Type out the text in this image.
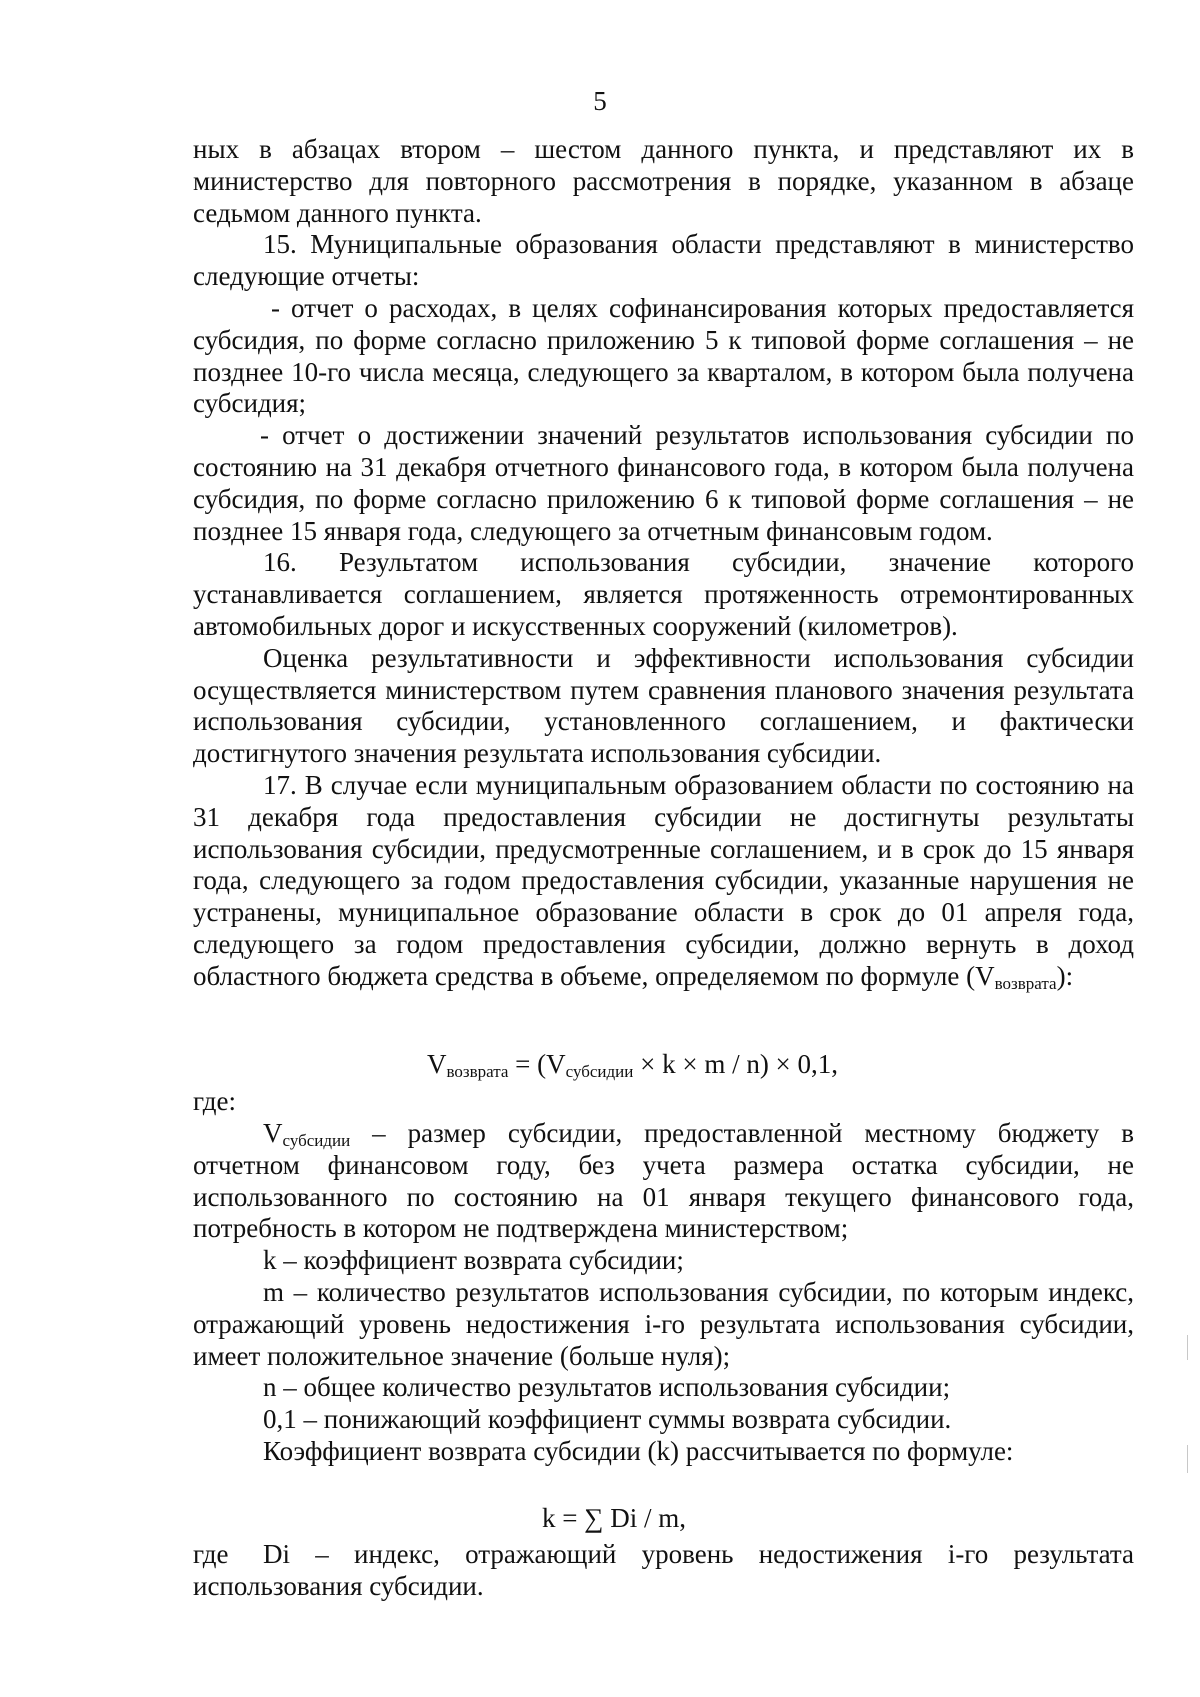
5

ных в абзацах втором – шестом данного пункта, и представляют их в министерство для повторного рассмотрения в порядке, указанном в абзаце седьмом данного пункта.

15. Муниципальные образования области представляют в министерство следующие отчеты:

- отчет о расходах, в целях софинансирования которых предоставляется субсидия, по форме согласно приложению 5 к типовой форме соглашения – не позднее 10-го числа месяца, следующего за кварталом, в котором была получена субсидия;

- отчет о достижении значений результатов использования субсидии по состоянию на 31 декабря отчетного финансового года, в котором была получена субсидия, по форме согласно приложению 6 к типовой форме соглашения – не позднее 15 января года, следующего за отчетным финансовым годом.

16. Результатом использования субсидии, значение которого устанавливается соглашением, является протяженность отремонтированных автомобильных дорог и искусственных сооружений (километров).

Оценка результативности и эффективности использования субсидии осуществляется министерством путем сравнения планового значения результата использования субсидии, установленного соглашением, и фактически достигнутого значения результата использования субсидии.

17. В случае если муниципальным образованием области по состоянию на 31 декабря года предоставления субсидии не достигнуты результаты использования субсидии, предусмотренные соглашением, и в срок до 15 января года, следующего за годом предоставления субсидии, указанные нарушения не устранены, муниципальное образование области в срок до 01 апреля года, следующего за годом предоставления субсидии, должно вернуть в доход областного бюджета средства в объеме, определяемом по формуле $(V_{возврата})$:

$V_{возврата} = (V_{субсидии} \times k \times m / n) \times 0,1$,
где:

$V_{субсидии}$ – размер субсидии, предоставленной местному бюджету в отчетном финансовом году, без учета размера остатка субсидии, не использованного по состоянию на 01 января текущего финансового года, потребность в котором не подтверждена министерством;

k – коэффициент возврата субсидии;

m – количество результатов использования субсидии, по которым индекс, отражающий уровень недостижения i-го результата использования субсидии, имеет положительное значение (больше нуля);

n – общее количество результатов использования субсидии;

0,1 – понижающий коэффициент суммы возврата субсидии.

Коэффициент возврата субсидии (k) рассчитывается по формуле:

k = ∑ Di / m,

где Di – индекс, отражающий уровень недостижения i-го результата использования субсидии.
